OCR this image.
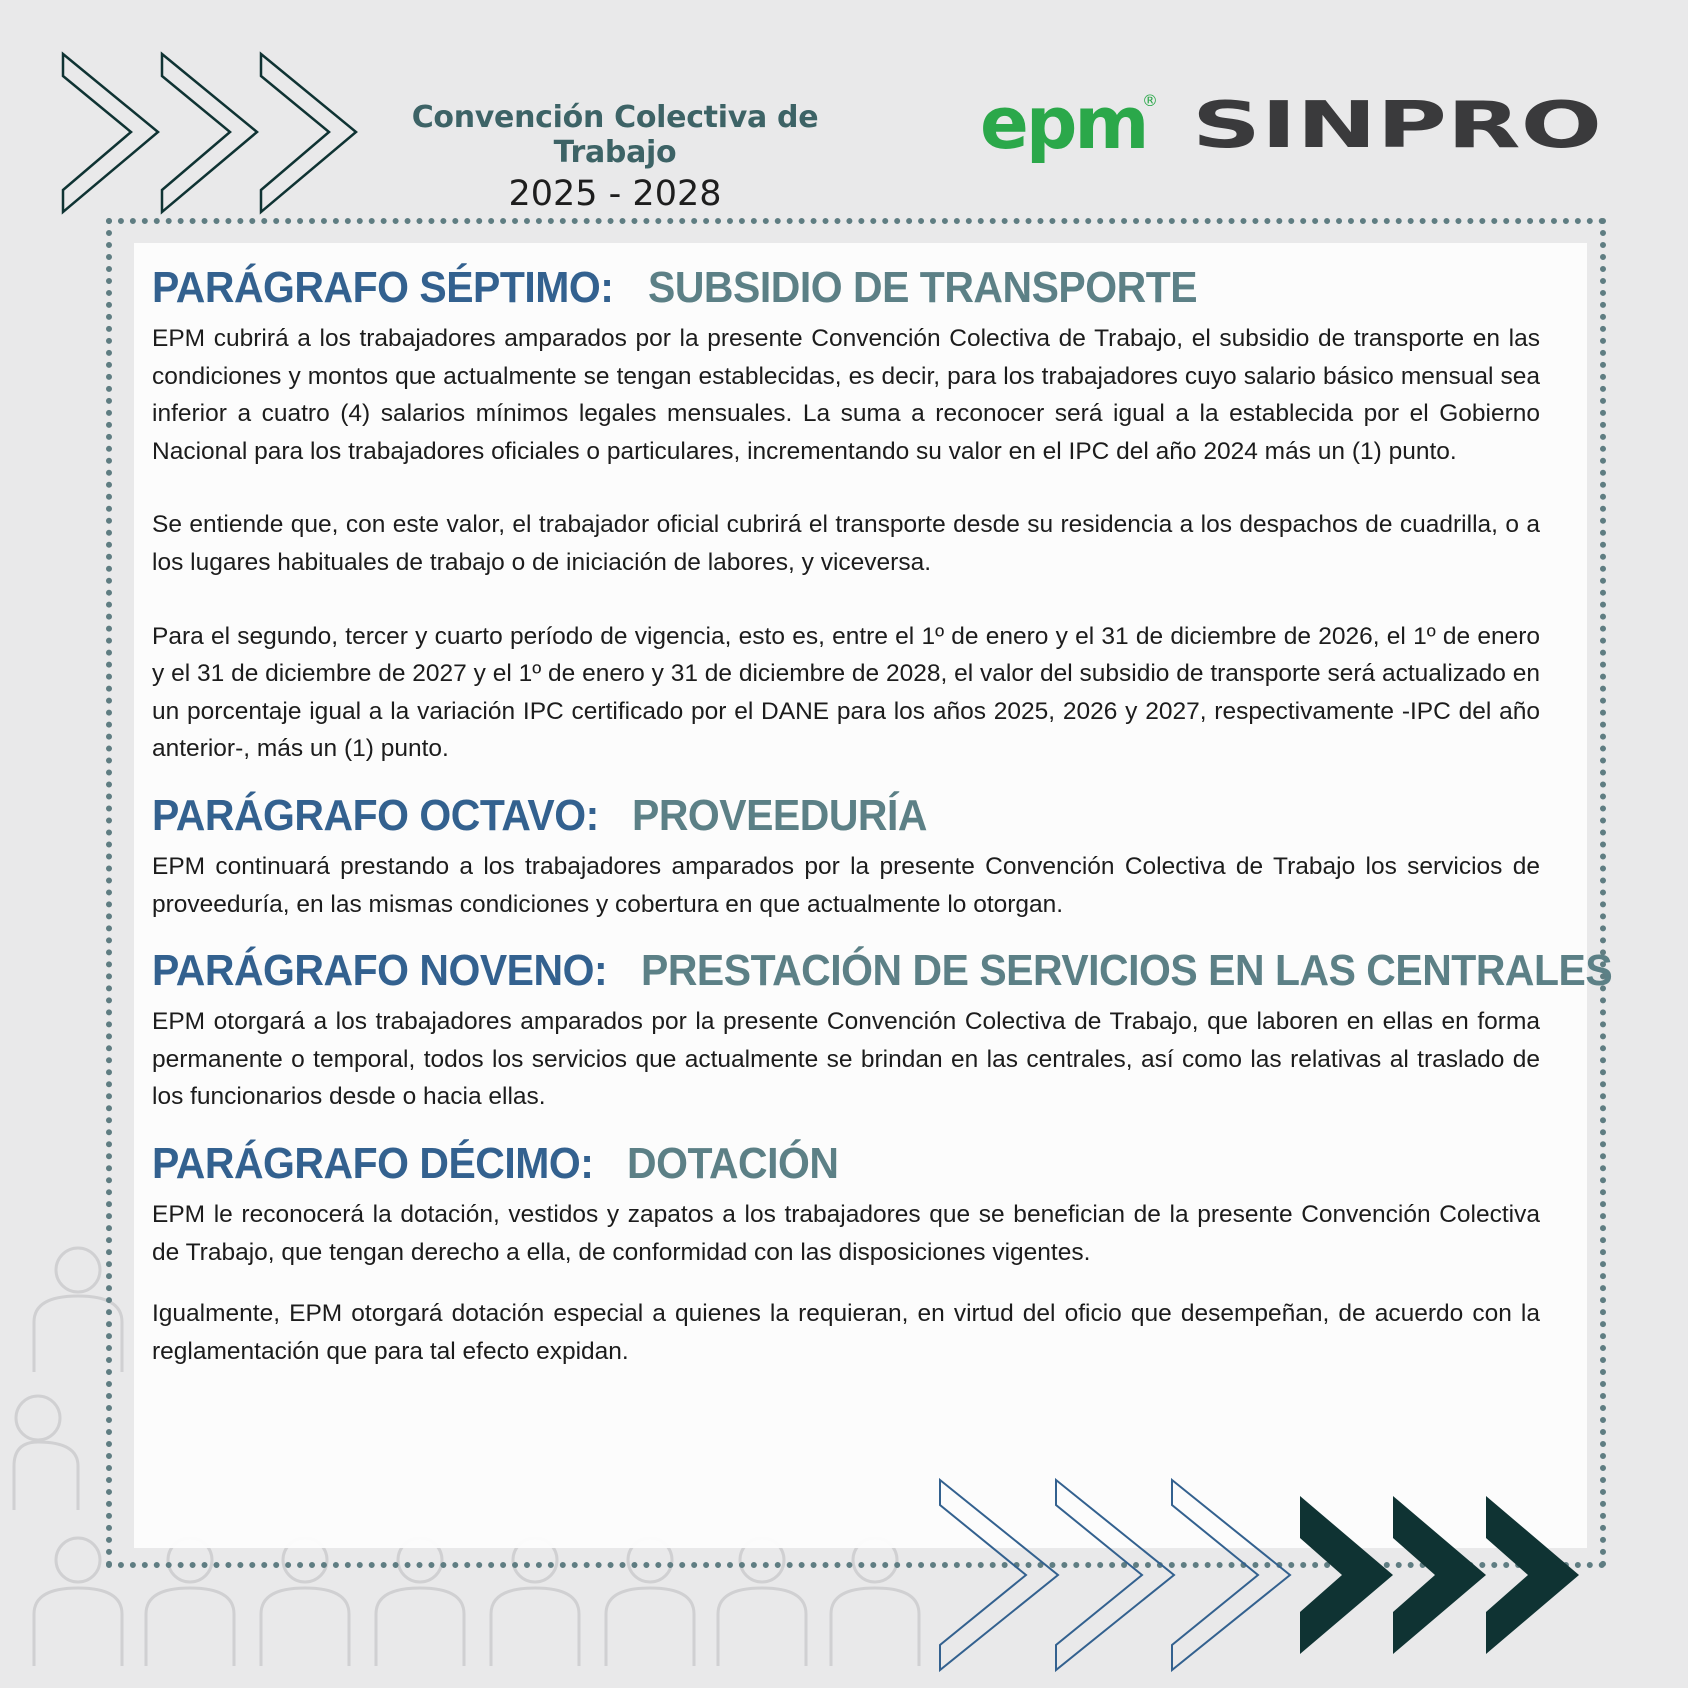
Convención Colectiva de Trabajo
2025 - 2028
epm
® SINPRO
PARÁGRAFO SÉPTIMO: SUBSIDIO DE TRANSPORTE

EPM cubrirá a los trabajadores amparados por la presente Convención Colectiva de Trabajo, el subsidio de transporte en las condiciones y montos que actualmente se tengan establecidas, es decir, para los trabajadores cuyo salario básico mensual sea inferior a cuatro (4) salarios mínimos legales mensuales. La suma a reconocer será igual a la establecida por el Gobierno Nacional para los trabajadores oficiales o particulares, incrementando su valor en el IPC del año 2024 más un (1) punto.

Se entiende que, con este valor, el trabajador oficial cubrirá el transporte desde su residencia a los despachos de cuadrilla, o a los lugares habituales de trabajo o de iniciación de labores, y viceversa.

Para el segundo, tercer y cuarto período de vigencia, esto es, entre el 1º de enero y el 31 de diciembre de 2026, el 1º de enero y el 31 de diciembre de 2027 y el 1º de enero y 31 de diciembre de 2028, el valor del subsidio de transporte será actualizado en un porcentaje igual a la variación IPC certificado por el DANE para los años 2025, 2026 y 2027, respectivamente -IPC del año anterior-, más un (1) punto.

PARÁGRAFO OCTAVO: PROVEEDURÍA

EPM continuará prestando a los trabajadores amparados por la presente Convención Colectiva de Trabajo los servicios de proveeduría, en las mismas condiciones y cobertura en que actualmente lo otorgan.

PARÁGRAFO NOVENO: PRESTACIÓN DE SERVICIOS EN LAS CENTRALES

EPM otorgará a los trabajadores amparados por la presente Convención Colectiva de Trabajo, que laboren en ellas en forma permanente o temporal, todos los servicios que actualmente se brindan en las centrales, así como las relativas al traslado de los funcionarios desde o hacia ellas.

PARÁGRAFO DÉCIMO: DOTACIÓN

EPM le reconocerá la dotación, vestidos y zapatos a los trabajadores que se benefician de la presente Convención Colectiva de Trabajo, que tengan derecho a ella, de conformidad con las disposiciones vigentes.

Igualmente, EPM otorgará dotación especial a quienes la requieran, en virtud del oficio que desempeñan, de acuerdo con la reglamentación que para tal efecto expidan.
